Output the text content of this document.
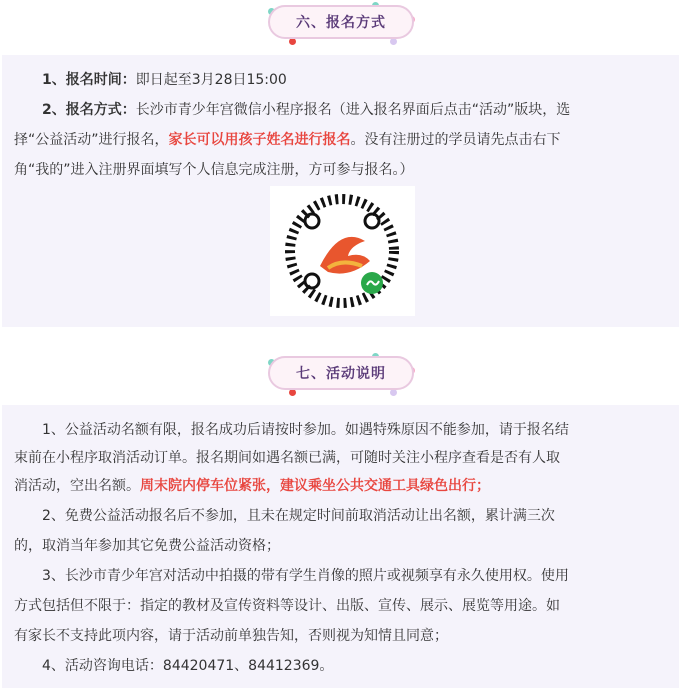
六、报名方式
1、报名时间：即日起至3月28日15:00
2、报名方式：长沙市青少年宫微信小程序报名（进入报名界面后点击“活动”版块，选
择“公益活动”进行报名，家长可以用孩子姓名进行报名。没有注册过的学员请先点击右下
角“我的”进入注册界面填写个人信息完成注册，方可参与报名。）
七、活动说明
1、公益活动名额有限，报名成功后请按时参加。如遇特殊原因不能参加，请于报名结
束前在小程序取消活动订单。报名期间如遇名额已满，可随时关注小程序查看是否有人取
消活动，空出名额。周末院内停车位紧张，建议乘坐公共交通工具绿色出行；
2、免费公益活动报名后不参加，且未在规定时间前取消活动让出名额，累计满三次
的，取消当年参加其它免费公益活动资格；
3、长沙市青少年宫对活动中拍摄的带有学生肖像的照片或视频享有永久使用权。使用
方式包括但不限于：指定的教材及宣传资料等设计、出版、宣传、展示、展览等用途。如
有家长不支持此项内容，请于活动前单独告知，否则视为知情且同意；
4、活动咨询电话：84420471、84412369。
